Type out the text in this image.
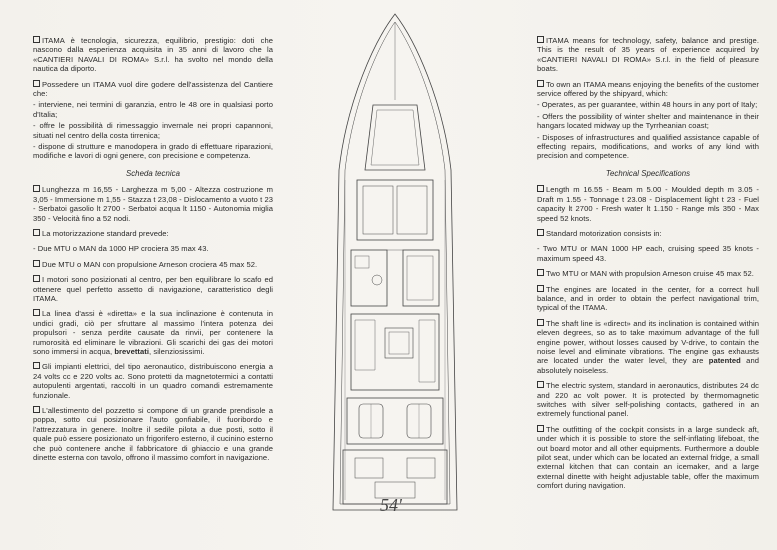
ITAMA è tecnologia, sicurezza, equilibrio, prestigio: doti che nascono dalla esperienza acquisita in 35 anni di lavoro che la «CANTIERI NAVALI DI ROMA» S.r.l. ha svolto nel mondo della nautica da diporto.

Possedere un ITAMA vuol dire godere dell'assistenza del Cantiere che:

- interviene, nei termini di garanzia, entro le 48 ore in qualsiasi porto d'Italia;

- offre le possibilità di rimessaggio invernale nei propri capannoni, situati nel centro della costa tirrenica;

- dispone di strutture e manodopera in grado di effettuare riparazioni, modifiche e lavori di ogni genere, con precisione e competenza.

Scheda tecnica

Lunghezza m 16,55 - Larghezza m 5,00 - Altezza costruzione m 3,05 - Immersione m 1,55 - Stazza t 23,08 - Dislocamento a vuoto t 23 - Serbatoi gasolio lt 2700 - Serbatoi acqua lt 1150 - Autonomia miglia 350 - Velocità fino a 52 nodi.

La motorizzazione standard prevede:

- Due MTU o MAN da 1000 HP crociera 35 max 43.

Due MTU o MAN con propulsione Arneson crociera 45 max 52.

I motori sono posizionati al centro, per ben equilibrare lo scafo ed ottenere quel perfetto assetto di navigazione, caratteristico degli ITAMA.

La linea d'assi è «diretta» e la sua inclinazione è contenuta in undici gradi, ciò per sfruttare al massimo l'intera potenza dei propulsori - senza perdite causate da rinvii, per contenere la rumorosità ed eliminare le vibrazioni. Gli scarichi dei gas dei motori sono immersi in acqua, brevettati, silenziosissimi.

Gli impianti elettrici, del tipo aeronautico, distribuiscono energia a 24 volts cc e 220 volts ac. Sono protetti da magnetotermici a contatti autopulenti argentati, raccolti in un quadro comandi estremamente funzionale.

L'allestimento del pozzetto si compone di un grande prendisole a poppa, sotto cui posizionare l'auto gonfiabile, il fuoribordo e l'attrezzatura in genere. Inoltre il sedile pilota a due posti, sotto il quale può essere posizionato un frigorifero esterno, il cucinino esterno che può contenere anche il fabbricatore di ghiaccio e una grande dinette esterna con tavolo, offrono il massimo comfort in navigazione.

54'

ITAMA means for technology, safety, balance and prestige. This is the result of 35 years of experience acquired by «CANTIERI NAVALI DI ROMA» S.r.l. in the field of pleasure boats.

To own an ITAMA means enjoying the benefits of the customer service offered by the shipyard, which:

- Operates, as per guarantee, within 48 hours in any port of Italy;

- Offers the possibility of winter shelter and maintenance in their hangars located midway up the Tyrrheanian coast;

- Disposes of infrastructures and qualified assistance capable of effecting repairs, modifications, and works of any kind with precision and competence.

Technical Specifications

Length m 16.55 - Beam m 5.00 - Moulded depth m 3.05 - Draft m 1.55 - Tonnage t 23.08 - Displacement light t 23 - Fuel capacity lt 2700 - Fresh water lt 1.150 - Range mls 350 - Max speed 52 knots.

Standard motorization consists in:

- Two MTU or MAN 1000 HP each, cruising speed 35 knots - maximum speed 43.

Two MTU or MAN with propulsion Arneson cruise 45 max 52.

The engines are located in the center, for a correct hull balance, and in order to obtain the perfect navigational trim, typical of the ITAMA.

The shaft line is «direct» and its inclination is contained within eleven degrees, so as to take maximum advantage of the full engine power, without losses caused by V-drive, to contain the noise level and eliminate vibrations. The engine gas exhausts are located under the water level, they are patented and absolutely noiseless.

The electric system, standard in aeronautics, distributes 24 dc and 220 ac volt power. It is protected by thermomagnetic switches with silver self-polishing contacts, gathered in an extremely functional panel.

The outfitting of the cockpit consists in a large sundeck aft, under which it is possible to store the self-inflating lifeboat, the out board motor and all other equipments. Furthermore a double pilot seat, under which can be located an external fridge, a small external kitchen that can contain an icemaker, and a large external dinette with height adjustable table, offer the maximum comfort during navigation.
